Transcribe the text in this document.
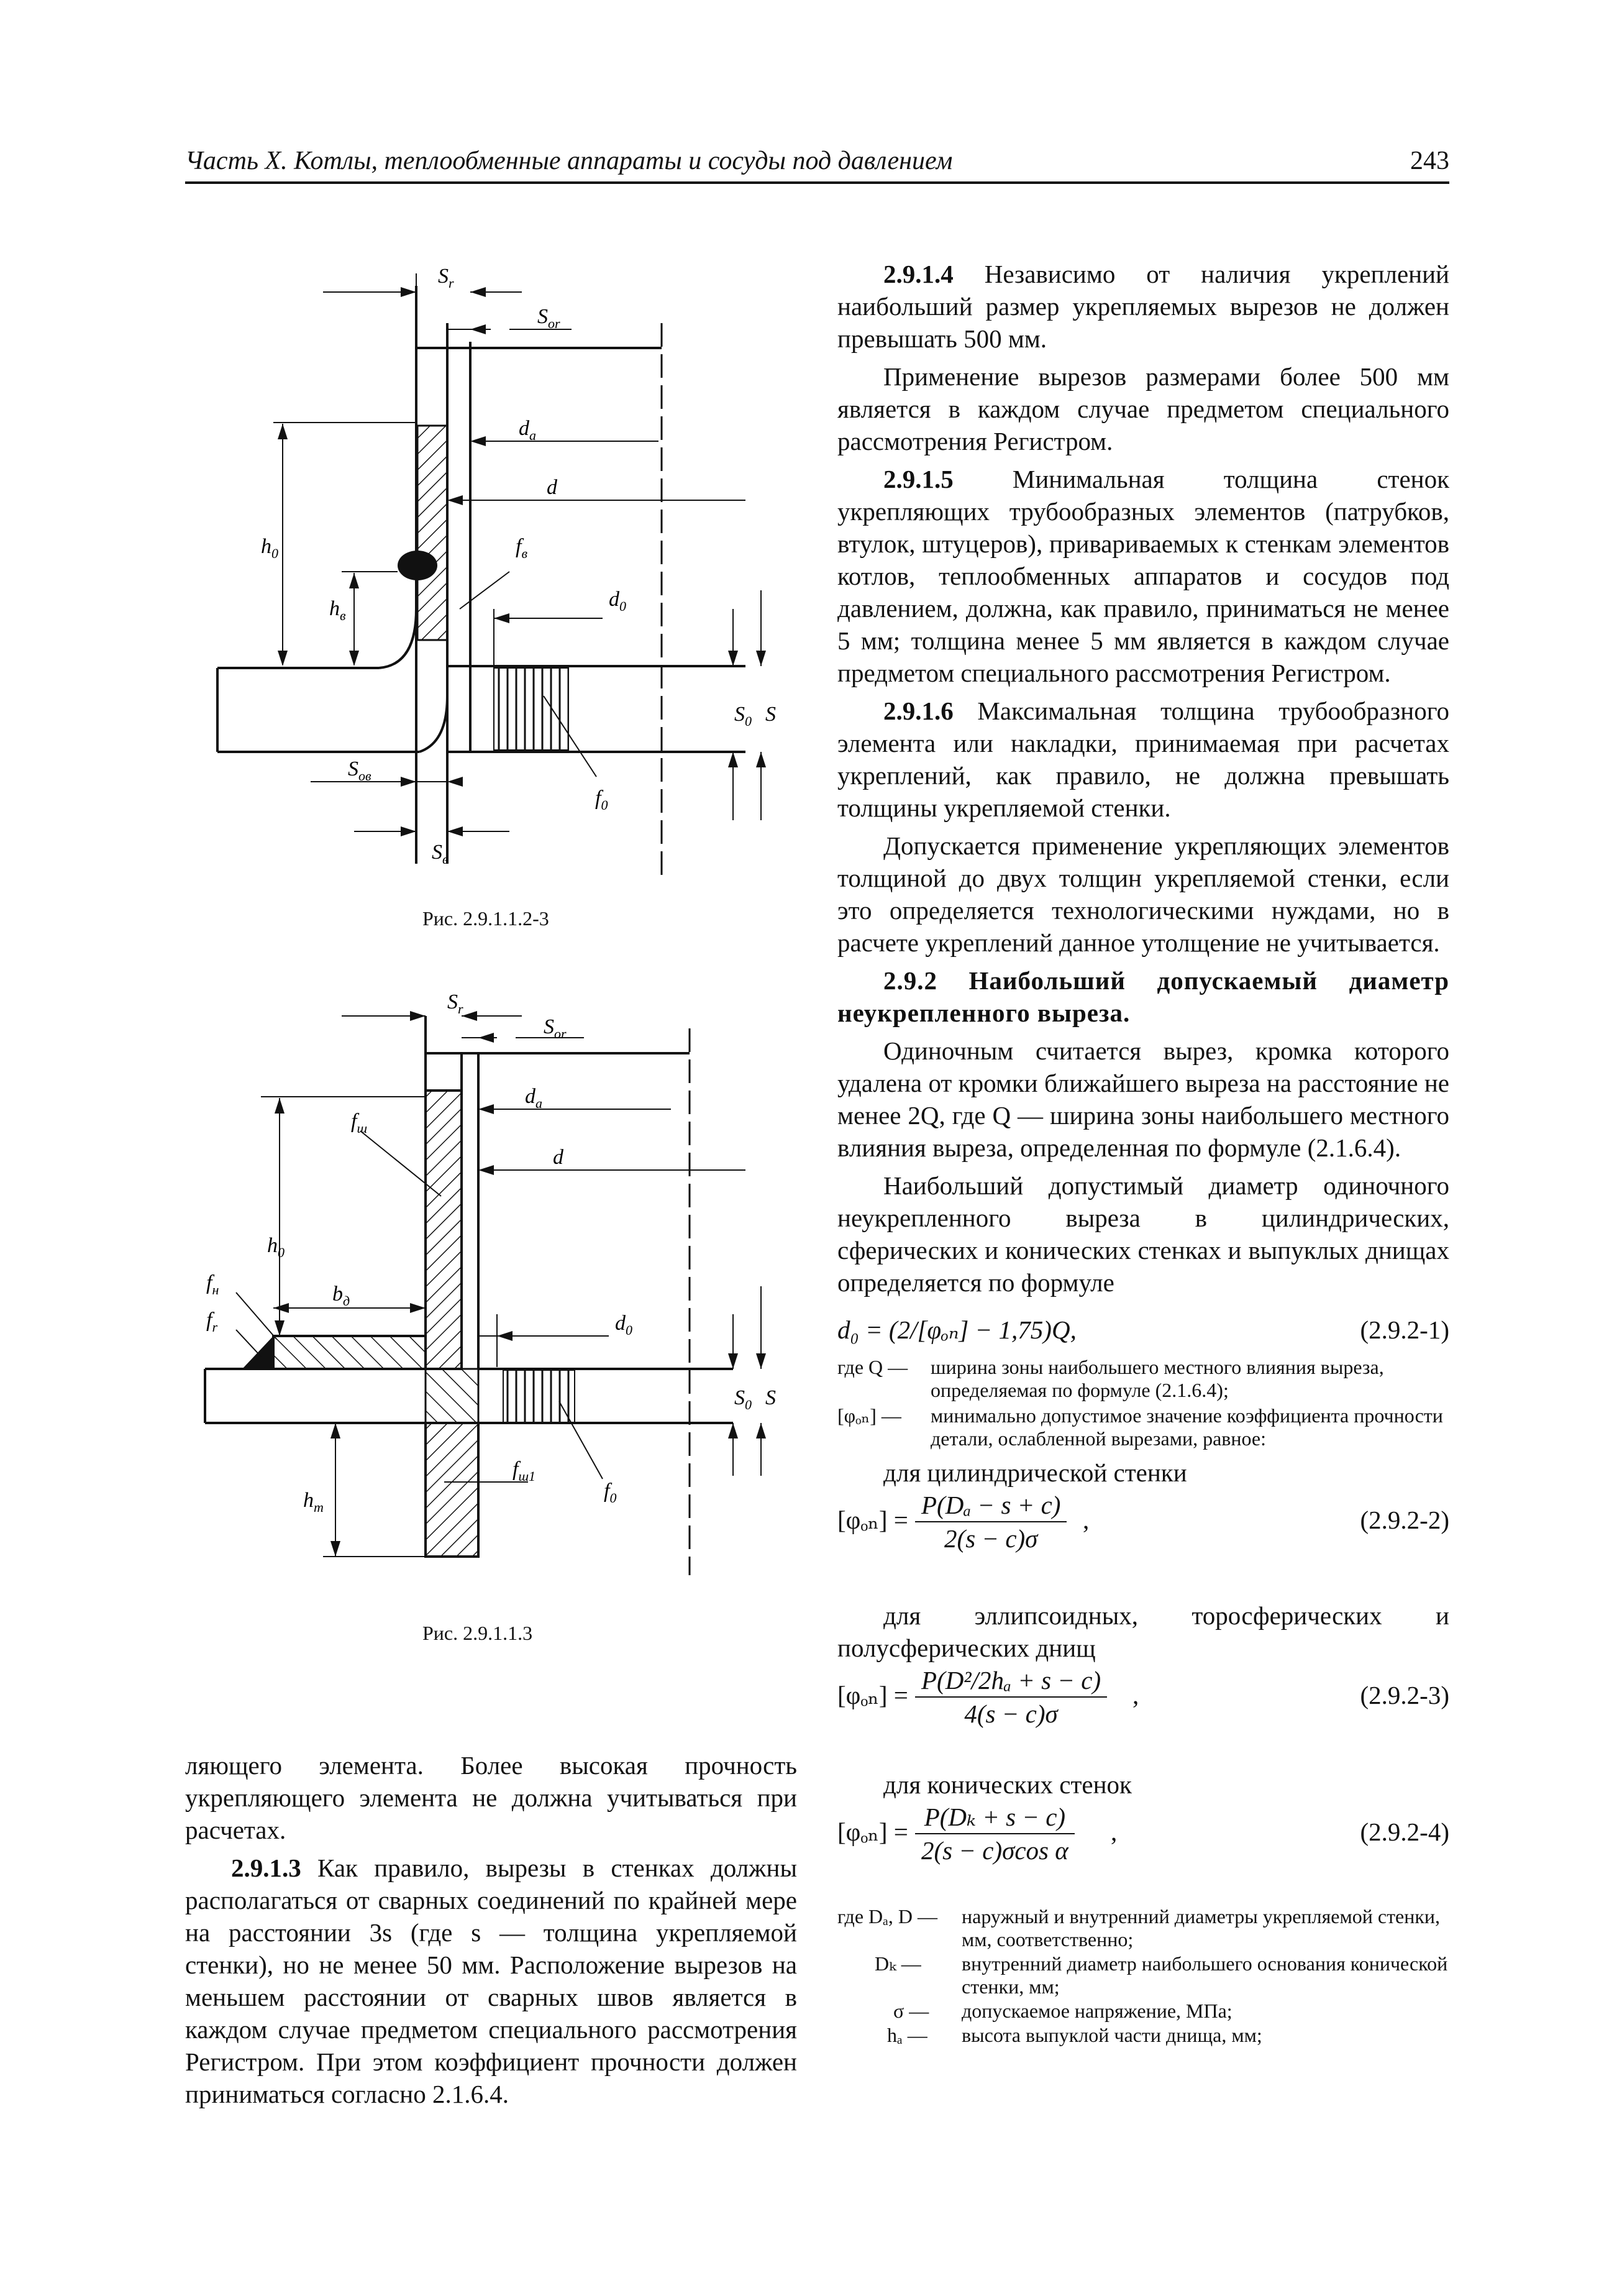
Часть X. Котлы, теплообменные аппараты и сосуды под давлением	243
$S_r$
$S_{or}$
$d_a$
d
$h_0$	$f_в$
$h_в$
$d_0$
$S_0$ S
$S_{ов}$
$f_0$
$S_в$
Рис. 2.9.1.1.2-3
$S_r$
$S_{or}$
$d_a$
$f_ш$
d
$h_0$
$f_н$	$b_д$
$f_r$	$d_0$
$S_0$ S
$f_{ш1}$
$f_0$
$h_m$
Рис. 2.9.1.1.3

ляющего элемента. Более высокая прочность укрепляющего элемента не должна учитываться при расчетах.

2.9.1.3 Как правило, вырезы в стенках должны располагаться от сварных соединений по крайней мере на расстоянии 3s (где s — толщина укрепляемой стенки), но не менее 50 мм. Расположение вырезов на меньшем расстоянии от сварных швов является в каждом случае предметом специального рассмотрения Регистром. При этом коэффициент прочности должен приниматься согласно 2.1.6.4.

2.9.1.4 Независимо от наличия укреплений наибольший размер укрепляемых вырезов не должен превышать 500 мм.

Применение вырезов размерами более 500 мм является в каждом случае предметом специального рассмотрения Регистром.

2.9.1.5 Минимальная толщина стенок укрепляющих трубообразных элементов (патрубков, втулок, штуцеров), привариваемых к стенкам элементов котлов, теплообменных аппаратов и сосудов под давлением, должна, как правило, приниматься не менее 5 мм; толщина менее 5 мм является в каждом случае предметом специального рассмотрения Регистром.

2.9.1.6 Максимальная толщина трубообразного элемента или накладки, принимаемая при расчетах укреплений, как правило, не должна превышать толщины укрепляемой стенки.

Допускается применение укрепляющих элементов толщиной до двух толщин укрепляемой стенки, если это определяется технологическими нуждами, но в расчете укреплений данное утолщение не учитывается.

2.9.2 Наибольший допускаемый диаметр неукрепленного выреза.

Одиночным считается вырез, кромка которого удалена от кромки ближайшего выреза на расстояние не менее 2Q, где Q — ширина зоны наибольшего местного влияния выреза, определенная по формуле (2.1.6.4).

Наибольший допустимый диаметр одиночного неукрепленного выреза в цилиндрических, сферических и конических стенках и выпуклых днищах определяется по формуле

d₀ = (2/[φₒₙ] − 1,75)Q,	(2.9.2-1)
где Q — ширина зоны наибольшего местного влияния выреза, определяемая по формуле (2.1.6.4);
[φₒₙ] — минимально допустимое значение коэффициента прочности детали, ослабленной вырезами, равное:

для цилиндрической стенки

$[\varphi_{on}] = \frac{\text{P(Dₐ − s + c)}}{2(s - c)\sigma}$ ,	(2.9.2-2)

для эллипсоидных, торосферических и полусферических днищ

$[\varphi_{on}] = \frac{\text{P(D²/2hₐ + s − c)}}{4(s - c)\sigma}$ ,	(2.9.2-3)

для конических стенок

$[\varphi_{on}] = \frac{\text{P(Dₖ + s − c)}}{\text{2(s − c)σcos α}}$ ,	(2.9.2-4)
где Dₐ, D — наружный и внутренний диаметры укрепляемой стенки, мм, соответственно;
Dₖ — внутренний диаметр наибольшего основания конической стенки, мм;
σ — допускаемое напряжение, МПа;
hₐ — высота выпуклой части днища, мм;
